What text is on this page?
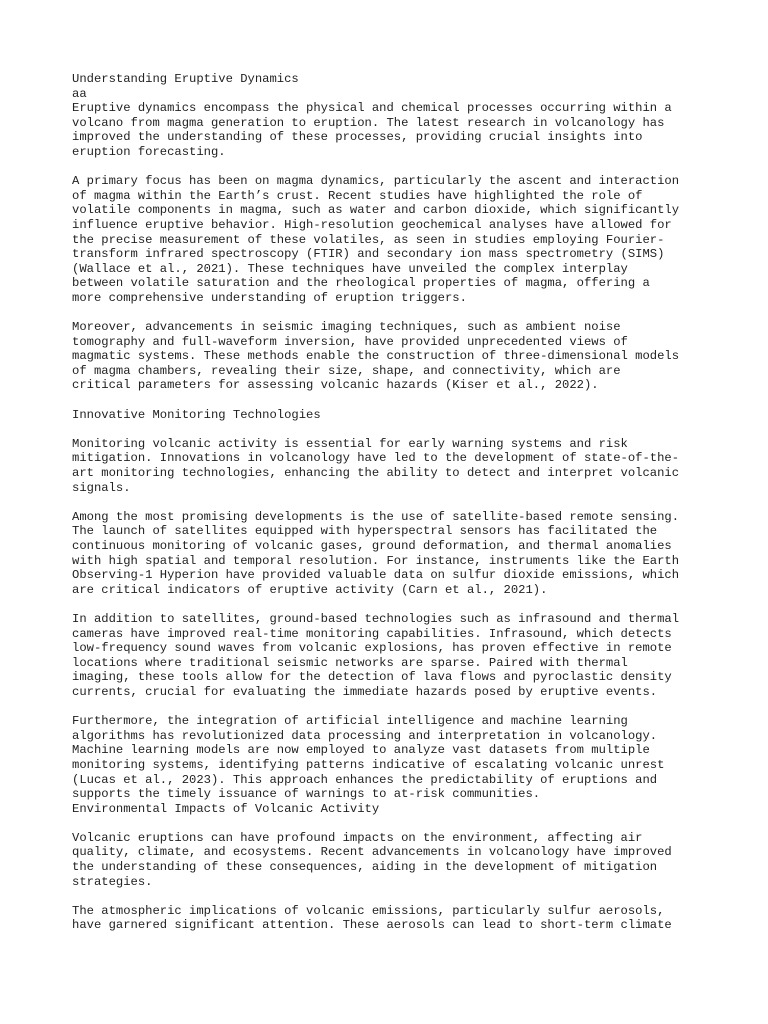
Understanding Eruptive Dynamics
aa
Eruptive dynamics encompass the physical and chemical processes occurring within a
volcano from magma generation to eruption. The latest research in volcanology has
improved the understanding of these processes, providing crucial insights into
eruption forecasting.
A primary focus has been on magma dynamics, particularly the ascent and interaction
of magma within the Earth’s crust. Recent studies have highlighted the role of
volatile components in magma, such as water and carbon dioxide, which significantly
influence eruptive behavior. High-resolution geochemical analyses have allowed for
the precise measurement of these volatiles, as seen in studies employing Fourier-
transform infrared spectroscopy (FTIR) and secondary ion mass spectrometry (SIMS)
(Wallace et al., 2021). These techniques have unveiled the complex interplay
between volatile saturation and the rheological properties of magma, offering a
more comprehensive understanding of eruption triggers.
Moreover, advancements in seismic imaging techniques, such as ambient noise
tomography and full-waveform inversion, have provided unprecedented views of
magmatic systems. These methods enable the construction of three-dimensional models
of magma chambers, revealing their size, shape, and connectivity, which are
critical parameters for assessing volcanic hazards (Kiser et al., 2022).
Innovative Monitoring Technologies
Monitoring volcanic activity is essential for early warning systems and risk
mitigation. Innovations in volcanology have led to the development of state-of-the-
art monitoring technologies, enhancing the ability to detect and interpret volcanic
signals.
Among the most promising developments is the use of satellite-based remote sensing.
The launch of satellites equipped with hyperspectral sensors has facilitated the
continuous monitoring of volcanic gases, ground deformation, and thermal anomalies
with high spatial and temporal resolution. For instance, instruments like the Earth
Observing-1 Hyperion have provided valuable data on sulfur dioxide emissions, which
are critical indicators of eruptive activity (Carn et al., 2021).
In addition to satellites, ground-based technologies such as infrasound and thermal
cameras have improved real-time monitoring capabilities. Infrasound, which detects
low-frequency sound waves from volcanic explosions, has proven effective in remote
locations where traditional seismic networks are sparse. Paired with thermal
imaging, these tools allow for the detection of lava flows and pyroclastic density
currents, crucial for evaluating the immediate hazards posed by eruptive events.
Furthermore, the integration of artificial intelligence and machine learning
algorithms has revolutionized data processing and interpretation in volcanology.
Machine learning models are now employed to analyze vast datasets from multiple
monitoring systems, identifying patterns indicative of escalating volcanic unrest
(Lucas et al., 2023). This approach enhances the predictability of eruptions and
supports the timely issuance of warnings to at-risk communities.
Environmental Impacts of Volcanic Activity
Volcanic eruptions can have profound impacts on the environment, affecting air
quality, climate, and ecosystems. Recent advancements in volcanology have improved
the understanding of these consequences, aiding in the development of mitigation
strategies.
The atmospheric implications of volcanic emissions, particularly sulfur aerosols,
have garnered significant attention. These aerosols can lead to short-term climate
